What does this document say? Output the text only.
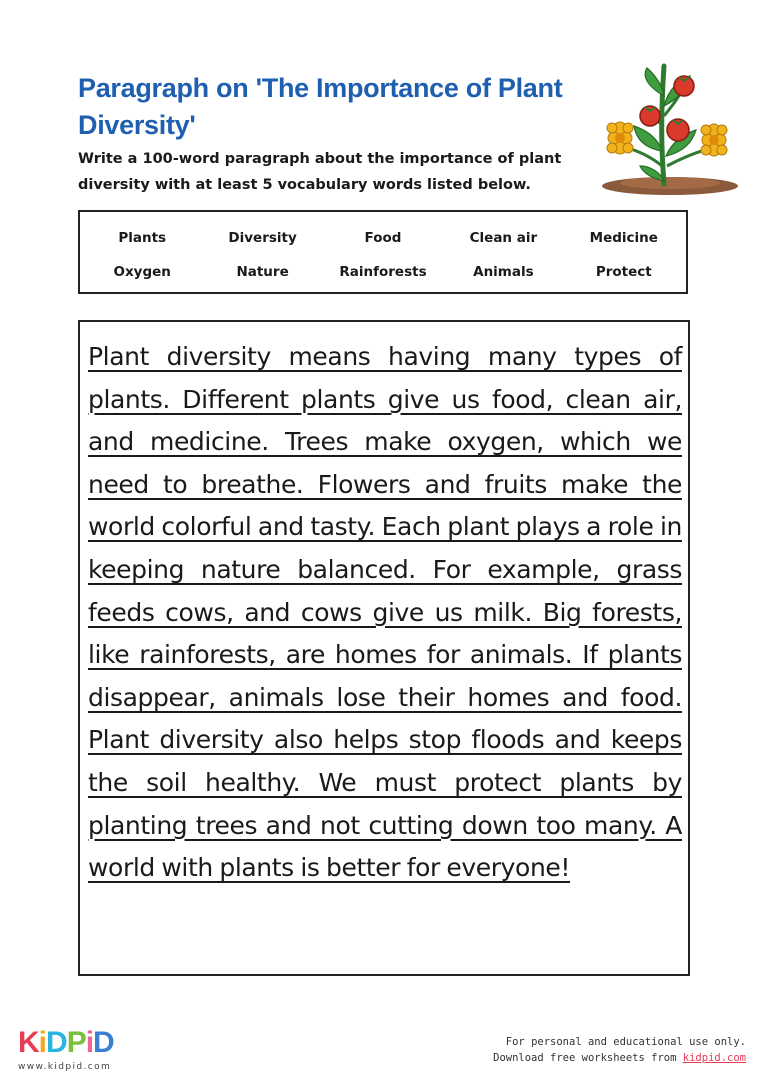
Paragraph on 'The Importance of Plant Diversity'

Write a 100-word paragraph about the importance of plant diversity with at least 5 vocabulary words listed below.

Plants	Diversity	Food	Clean air	Medicine
Oxygen	Nature	Rainforests	Animals	Protect

Plant diversity means having many types of plants. Different plants give us food, clean air, and medicine. Trees make oxygen, which we need to breathe. Flowers and fruits make the world colorful and tasty. Each plant plays a role in keeping nature balanced. For example, grass feeds cows, and cows give us milk. Big forests, like rainforests, are homes for animals. If plants disappear, animals lose their homes and food. Plant diversity also helps stop floods and keeps the soil healthy. We must protect plants by planting trees and not cutting down too many. A world with plants is better for everyone!

KiDPiD
www.kidpid.com
For personal and educational use only.
Download free worksheets from kidpid.com
